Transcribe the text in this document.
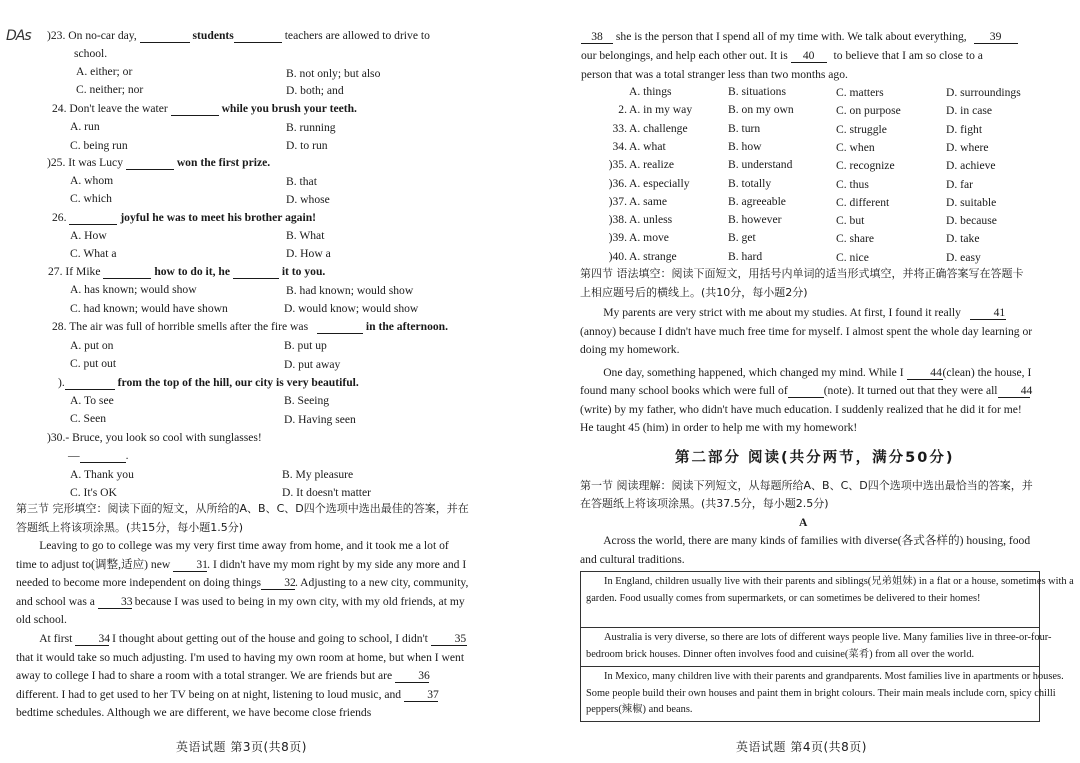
DAs )23. On no-car day,	students	teachers are allowed to drive to
school.
A. either; or	B. not only; but also
C. neither; nor	D. both; and
24. Don't leave the water	while you brush your teeth.
A. run	B. running
C. being run	D. to run
)25. It was Lucy	won the first prize.
A. whom	B. that
C. which	D. whose
26.	joyful he was to meet his brother again!
A. How	B. What
C. What a	D. How a
27. If Mike	how to do it, he	it to you.
A. has known; would show	B. had known; would show
C. had known; would have shown	D. would know; would show
28. The air was full of horrible smells after the fire was	in the afternoon.
A. put on	B. put up
C. put out	D. put away
).	from the top of the hill, our city is very beautiful.
A. To see	B. Seeing
C. Seen	D. Having seen
)30.- Bruce, you look so cool with sunglasses!
—	.
A. Thank you	B. My pleasure
C. It's OK	D. It doesn't matter
第三节 完形填空：阅读下面的短文，从所给的A、B、C、D四个选项中选出最佳的答案，并在
答题纸上将该项涂黑。(共15分，每小题1.5分)

Leaving to go to college was my very first time away from home, and it took me a lot of time to adjust to(调整,适应) new 31. I didn't have my mom right by my side any more and I needed to become more independent on doing things 32. Adjusting to a new city, community, and school was a 33 because I was used to being in my own city, with my old friends, at my old school.

At first 34 I thought about getting out of the house and going to school, I didn't 35 that it would take so much adjusting. I'm used to having my own room at home, but when I went away to college I had to share a room with a total stranger. We are friends but are 36 different. I had to get used to her TV being on at night, listening to loud music, and 37 bedtime schedules. Although we are different, we have become close friends

英语试题 第3页(共8页)
38 she is the person that I spend all of my time with. We talk about everything, 39
our belongings, and help each other out. It is 40 to believe that I am so close to a
person that was a total stranger less than two months ago.
A. things	B. situations	C. matters	D. surroundings
2. A. in my way	B. on my own	C. on purpose	D. in case
33. A. challenge	B. turn	C. struggle	D. fight
34. A. what	B. how	C. when	D. where
)35. A. realize	B. understand	C. recognize	D. achieve
)36. A. especially	B. totally	C. thus	D. far
)37. A. same	B. agreeable	C. different	D. suitable
)38. A. unless	B. however	C. but	D. because
)39. A. move	B. get	C. share	D. take
)40. A. strange	B. hard	C. nice	D. easy
第四节 语法填空：阅读下面短文，用括号内单词的适当形式填空，并将正确答案写在答题卡
上相应题号后的横线上。(共10分，每小题2分)

My parents are very strict with me about my studies. At first, I found it really	41 (annoy) because I didn't have much free time for myself. I almost spent the whole day learning or doing my homework.

One day, something happened, which changed my mind. While I 44(clean) the house, I found many school books which were full of	(note). It turned out that they were all 44(write) by my father, who didn't have much education. I suddenly realized that he did it for me! He taught 45 (him) in order to help me with my homework!

第二部分 阅读(共分两节，满分50分)
第一节 阅读理解：阅读下列短文，从每题所给A、B、C、D四个选项中选出最恰当的答案，并
在答题纸上将该项涂黑。(共37.5分，每小题2.5分)
A
Across the world, there are many kinds of families with diverse(各式各样的) housing, food and cultural traditions.
In England, children usually live with their parents and siblings(兄弟姐妹) in a flat or a house, sometimes with a garden. Food usually comes from supermarkets, or can sometimes be delivered to their homes!
Australia is very diverse, so there are lots of different ways people live. Many families live in three-or-four-bedroom brick houses. Dinner often involves food and cuisine(菜肴) from all over the world.
In Mexico, many children live with their parents and grandparents. Most families live in apartments or houses. Some people build their own houses and paint them in bright colours. Their main meals include corn, spicy chilli peppers(辣椒) and beans.
英语试题 第4页(共8页)
